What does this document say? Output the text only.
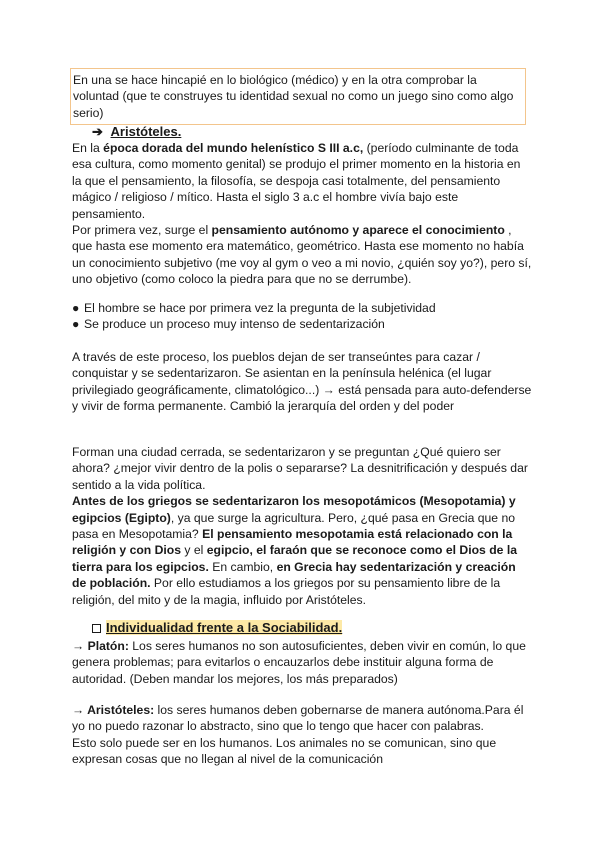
En una se hace hincapié en lo biológico (médico) y en la otra comprobar la voluntad (que te construyes tu identidad sexual no como un juego sino como algo serio)

➔ Aristóteles.

En la época dorada del mundo helenístico S III a.c, (período culminante de toda esa cultura, como momento genital) se produjo el primer momento en la historia en la que el pensamiento, la filosofía, se despoja casi totalmente, del pensamiento mágico / religioso / mítico. Hasta el siglo 3 a.c el hombre vivía bajo este pensamiento.

Por primera vez, surge el pensamiento autónomo y aparece el conocimiento , que hasta ese momento era matemático, geométrico. Hasta ese momento no había un conocimiento subjetivo (me voy al gym o veo a mi novio, ¿quién soy yo?), pero sí, uno objetivo (como coloco la piedra para que no se derrumbe).

● El hombre se hace por primera vez la pregunta de la subjetividad

● Se produce un proceso muy intenso de sedentarización

A través de este proceso, los pueblos dejan de ser transeúntes para cazar / conquistar y se sedentarizaron. Se asientan en la península helénica (el lugar privilegiado geográficamente, climatológico...) → está pensada para auto-defenderse y vivir de forma permanente. Cambió la jerarquía del orden y del poder

Forman una ciudad cerrada, se sedentarizaron y se preguntan ¿Qué quiero ser ahora? ¿mejor vivir dentro de la polis o separarse? La desnitrificación y después dar sentido a la vida política.

Antes de los griegos se sedentarizaron los mesopotámicos (Mesopotamia) y egipcios (Egipto), ya que surge la agricultura. Pero, ¿qué pasa en Grecia que no pasa en Mesopotamia? El pensamiento mesopotamia está relacionado con la religión y con Dios y el egipcio, el faraón que se reconoce como el Dios de la tierra para los egipcios. En cambio, en Grecia hay sedentarización y creación de población. Por ello estudiamos a los griegos por su pensamiento libre de la religión, del mito y de la magia, influido por Aristóteles.

Individualidad frente a la Sociabilidad.

→ Platón: Los seres humanos no son autosuficientes, deben vivir en común, lo que genera problemas; para evitarlos o encauzarlos debe instituir alguna forma de autoridad. (Deben mandar los mejores, los más preparados)

→ Aristóteles: los seres humanos deben gobernarse de manera autónoma.Para él yo no puedo razonar lo abstracto, sino que lo tengo que hacer con palabras.

Esto solo puede ser en los humanos. Los animales no se comunican, sino que expresan cosas que no llegan al nivel de la comunicación
